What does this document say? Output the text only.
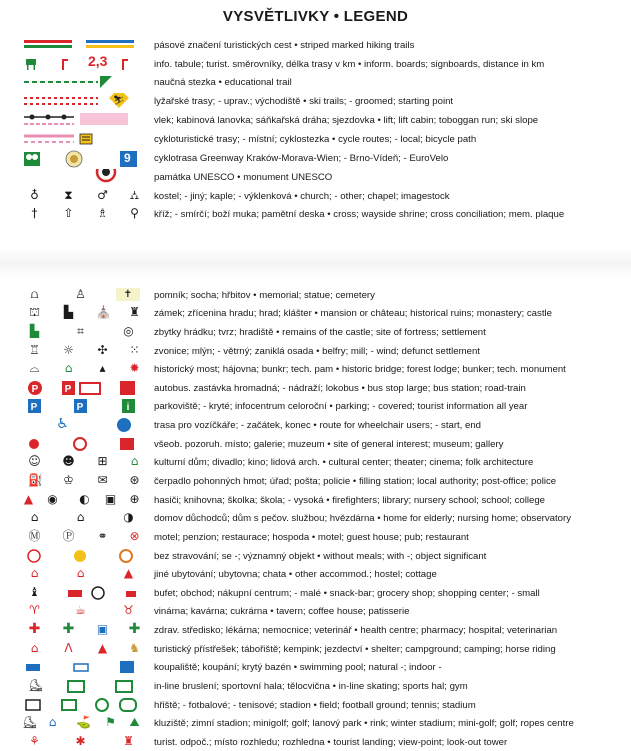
VYSVĚTLIVKY • LEGEND
pásové značení turistických cest • striped marked hiking trails
2,3	info. tabule; turist. směrovníky, délka trasy v km • inform. boards; signboards, distance in km
naučná stezka • educational trail
⛷	lyžařské trasy; - uprav.; východiště • ski trails; - groomed; starting point
vlek; kabinová lanovka; sáňkařská dráha; sjezdovka • lift; lift cabin; toboggan run; ski slope
cykloturistické trasy; - místní; cyklostezka • cycle routes; - local; bicycle path
9 cyklotrasa Greenway Kraków-Morava-Wien; - Brno-Vídeň; - EuroVelo
památka UNESCO • monument UNESCO
♁ ⧗ ♂ ⛼ kostel; - jiný; kaple; - výklenková • church; - other; chapel; imagestock
† ⇧ ♗ ⚲ kříž; - smírčí; boží muka; pamětní deska • cross; wayside shrine; cross conciliation; mem. plaque
⩍	♙	✝	pomník; socha; hřbitov • memorial; statue; cemetery
⛫ ▙ ⛪ ♜ zámek; zřícenina hradu; hrad; klášter • mansion or château; historical ruins; monastery; castle
▙	⌗	◎ zbytky hrádku; tvrz; hradiště • remains of the castle; site of fortress; settlement
♖ ☼ ✣ ⁙ zvonice; mlýn; - větrný; zaniklá osada • belfry; mill; - wind; defunct settlement
⌓ ⌂ ▴ ✹ historický most; hájovna; bunkr; tech. pam • historic bridge; forest lodge; bunker; tech. monument
P	P	autobus. zastávka hromadná; - nádraží; lokobus • bus stop large; bus station; road-train
P	P	i	parkoviště; - kryté; infocentrum celoroční • parking; - covered; tourist information all year
♿	trasa pro vozíčkáře; - začátek, konec • route for wheelchair users; - start, end
všeob. pozoruh. místo; galerie; muzeum • site of general interest; museum; gallery
☺ ☻ ⊞ ⌂ kulturní dům; divadlo; kino; lidová arch. • cultural center; theater; cinema; folk architecture
⛽ ♔ ✉ ⊛ čerpadlo pohonných hmot; úřad; pošta; policie • filling station; local authority; post-office; police
▲ ◉ ◐ ▣ ⊕ hasiči; knihovna; školka; škola; - vysoká • firefighters; library; nursery school; school; college
⌂	⌂	◑ domov důchodců; dům s pečov. službou; hvězdárna • home for elderly; nursing home; observatory
Ⓜ Ⓟ ⚭ ⊗ motel; penzion; restaurace; hospoda • motel; guest house; pub; restaurant
bez stravování; se -; významný objekt • without meals; with -; object significant
⌂	⌂	▲ jiné ubytování; ubytovna; chata • other accommod.; hostel; cottage
♝	bufet; obchod; nákupní centrum; - malé • snack-bar; grocery shop; shopping center; - small
♈	☕	♉ vinárna; kavárna; cukrárna • tavern; coffee house; patisserie
✚ ✚ ▣ ✚ zdrav. středisko; lékárna; nemocnice; veterinář • health centre; pharmacy; hospital; veterinarian
⌂ Λ ▲ ♞ turistický přístřešek; tábořiště; kempink; jezdectví • shelter; campground; camping; horse riding
koupaliště; koupání; krytý bazén • swimming pool; natural -; indoor -
⛸	in-line bruslení; sportovní hala; tělocvična • in-line skating; sports hal; gym
hřiště; - fotbalové; - tenisové; stadion • field; football ground; tennis; stadium
⛸ ⌂ ⛳ ⚑ ⛰ kluziště; zimní stadion; minigolf; golf; lanový park • rink; winter stadium; mini-golf; golf; ropes centre
⚘	✱	♜ turist. odpoč.; místo rozhledu; rozhledna • tourist landing; view-point; look-out tower
